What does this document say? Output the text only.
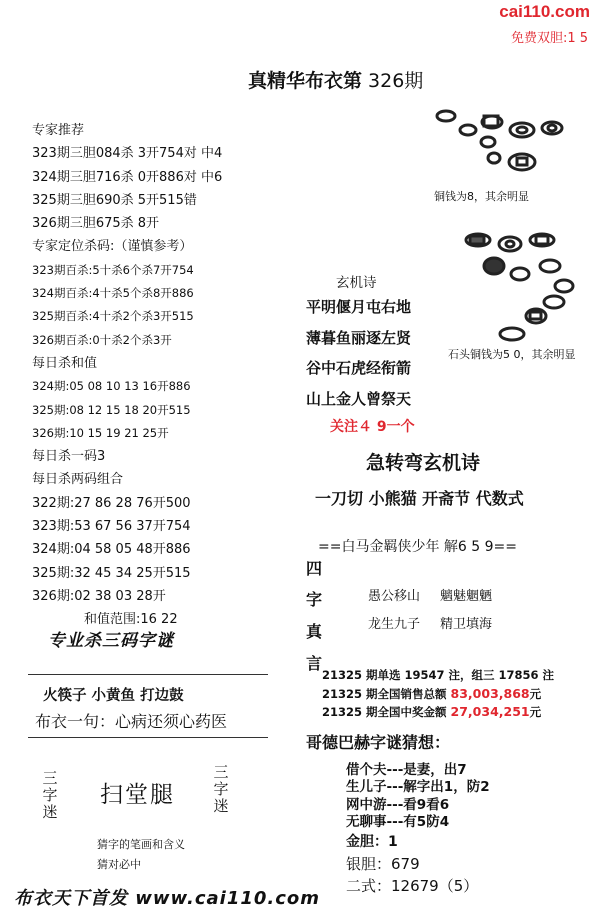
cai110.com
免费双胆:1 5
真精华布衣第 326期
专家推荐
323期三胆084杀 3开754对 中4
324期三胆716杀 0开886对 中6
325期三胆690杀 5开515错
326期三胆675杀 8开
专家定位杀码:（谨慎参考）
323期百杀:5十杀6个杀7开754
324期百杀:4十杀5个杀8开886
325期百杀:4十杀2个杀3开515
326期百杀:0十杀2个杀3开
每日杀和值
324期:05 08 10 13 16开886
325期:08 12 15 18 20开515
326期:10 15 19 21 25开
每日杀一码3
每日杀两码组合
322期:27 86 28 76开500
323期:53 67 56 37开754
324期:04 58 05 48开886
325期:32 45 34 25开515
326期:02 38 03 28开
和值范围:16 22
专业杀三码字谜
火筷子 小黄鱼 打边鼓
布衣一句：心病还须心药医
三字迷
扫堂腿
三字迷
猜字的笔画和含义
猜对必中
布衣天下首发 www.cai110.com
铜钱为8，其余明显
石头铜钱为5 0，其余明显
玄机诗
平明偃月屯右地
薄暮鱼丽逐左贤
谷中石虎经衔箭
山上金人曾祭天
关注４ 9一个
急转弯玄机诗
一刀切 小熊猫 开斋节 代数式
==白马金羁侠少年 解6 5 9==
四
字
真
言
愚公移山 魑魅魍魉
龙生九子 精卫填海
21325 期单选 19547 注，组三 17856 注
21325 期全国销售总额 83,003,868元
21325 期全国中奖金额 27,034,251元
哥德巴赫字谜猜想：
借个夫---是妻，出7
生儿子---解字出1，防2
网中游---看9看6
无聊事---有5防4
金胆：1
银胆：679
二式：12679（5）
